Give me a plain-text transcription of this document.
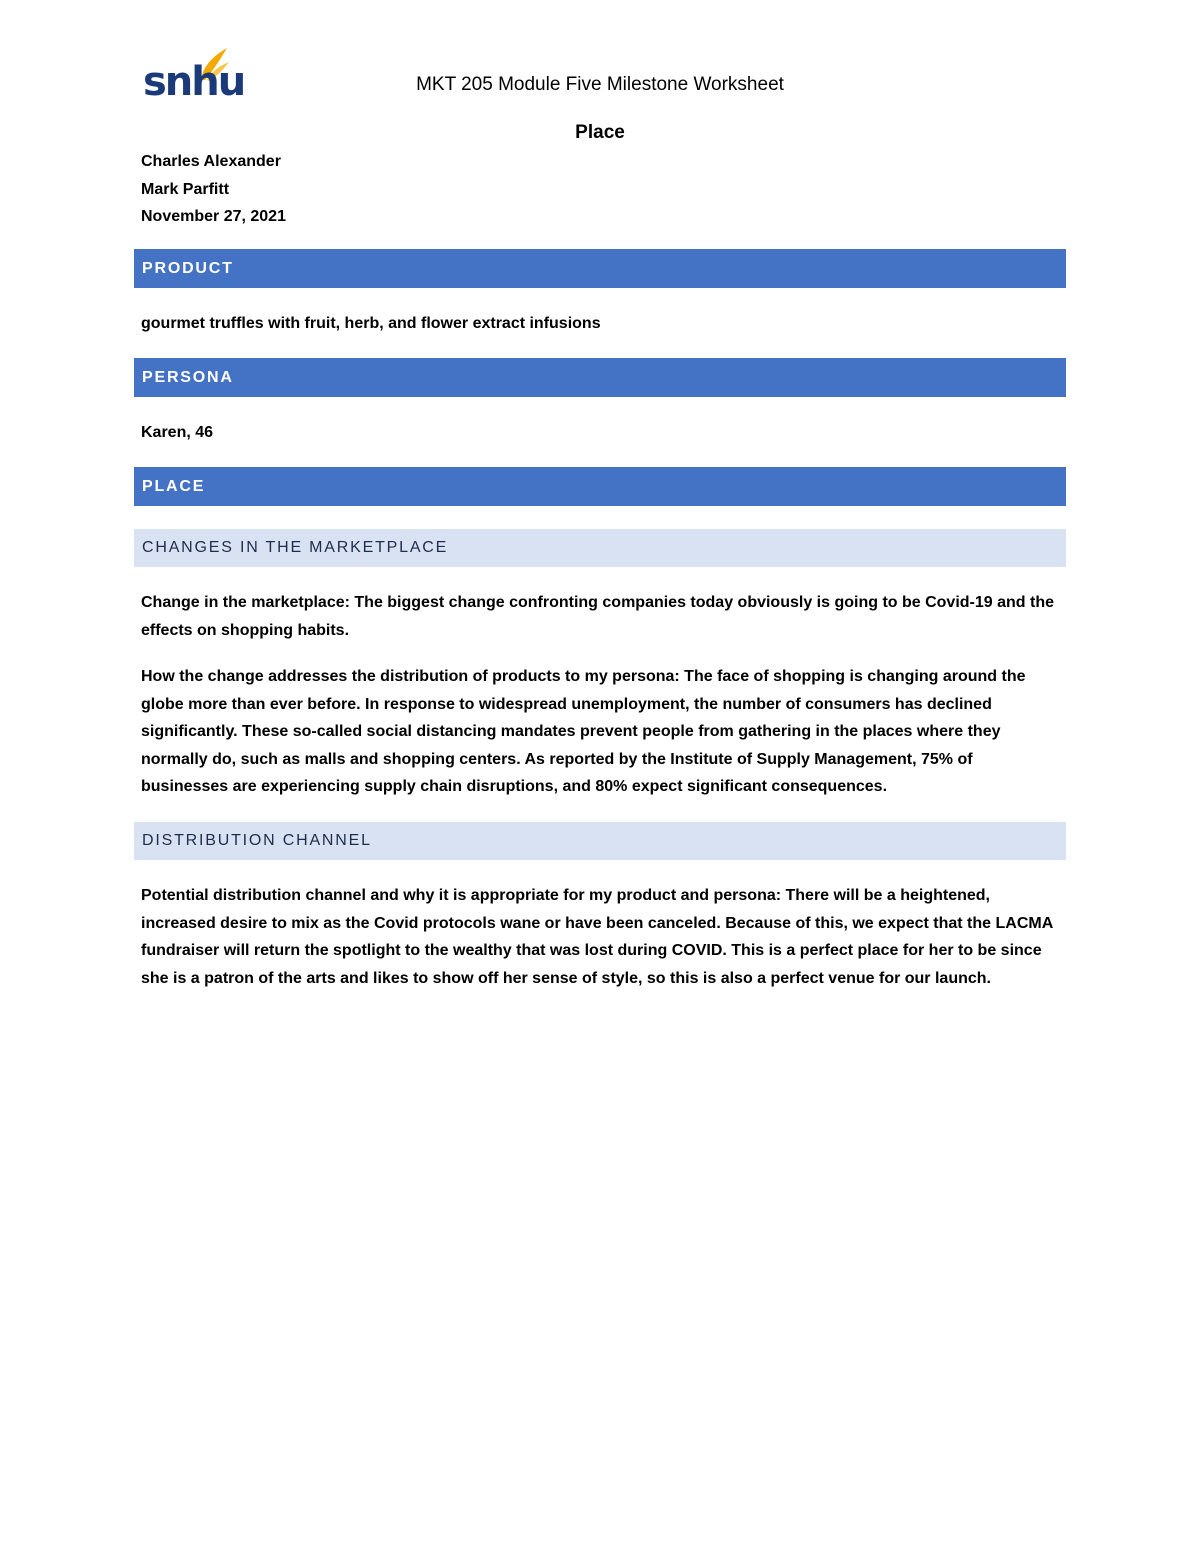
snhu	MKT 205 Module Five Milestone Worksheet
Place
Charles Alexander
Mark Parfitt
November 27, 2021
PRODUCT

gourmet truffles with fruit, herb, and flower extract infusions

PERSONA

Karen, 46

PLACE
CHANGES IN THE MARKETPLACE

Change in the marketplace: The biggest change confronting companies today obviously is going to be Covid-19 and the effects on shopping habits.

How the change addresses the distribution of products to my persona: The face of shopping is changing around the globe more than ever before. In response to widespread unemployment, the number of consumers has declined significantly. These so-called social distancing mandates prevent people from gathering in the places where they normally do, such as malls and shopping centers. As reported by the Institute of Supply Management, 75% of businesses are experiencing supply chain disruptions, and 80% expect significant consequences.

DISTRIBUTION CHANNEL

Potential distribution channel and why it is appropriate for my product and persona: There will be a heightened, increased desire to mix as the Covid protocols wane or have been canceled. Because of this, we expect that the LACMA fundraiser will return the spotlight to the wealthy that was lost during COVID. This is a perfect place for her to be since she is a patron of the arts and likes to show off her sense of style, so this is also a perfect venue for our launch.
